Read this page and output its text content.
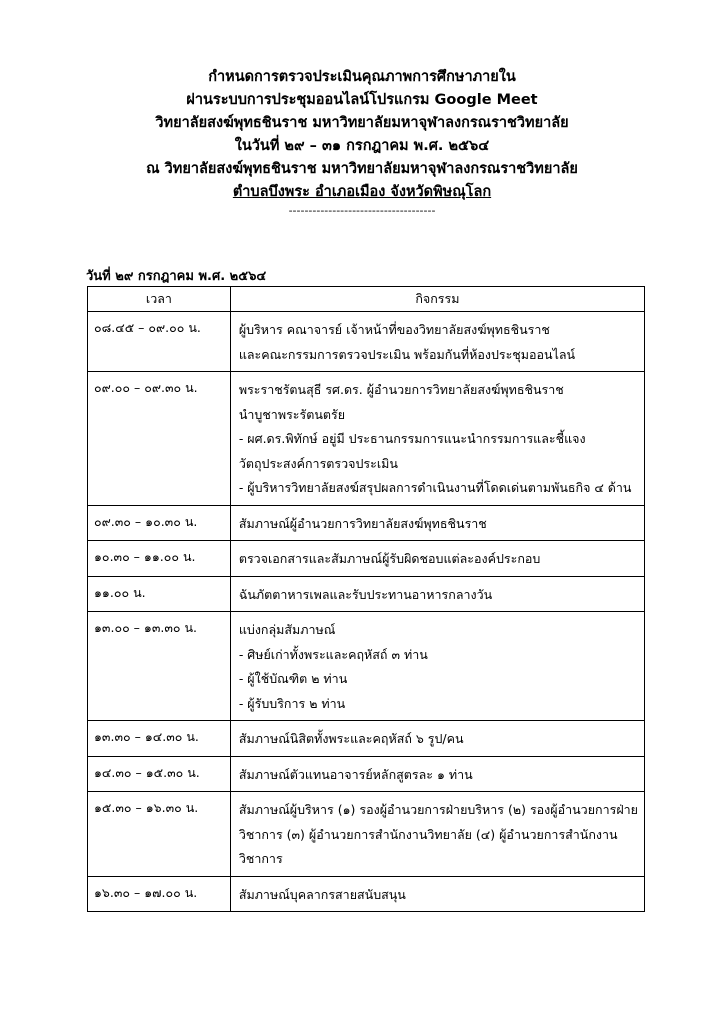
กำหนดการตรวจประเมินคุณภาพการศึกษาภายใน
ผ่านระบบการประชุมออนไลน์โปรแกรม Google Meet
วิทยาลัยสงฆ์พุทธชินราช มหาวิทยาลัยมหาจุฬาลงกรณราชวิทยาลัย
ในวันที่ ๒๙ – ๓๑ กรกฎาคม พ.ศ. ๒๕๖๔
ณ วิทยาลัยสงฆ์พุทธชินราช มหาวิทยาลัยมหาจุฬาลงกรณราชวิทยาลัย
ตำบลบึงพระ อำเภอเมือง จังหวัดพิษณุโลก
-------------------------------------
วันที่ ๒๙ กรกฎาคม พ.ศ. ๒๕๖๔
เวลา	กิจกรรม
๐๘.๔๕ – ๐๙.๐๐ น.	ผู้บริหาร คณาจารย์ เจ้าหน้าที่ของวิทยาลัยสงฆ์พุทธชินราช
และคณะกรรมการตรวจประเมิน พร้อมกันที่ห้องประชุมออนไลน์

๐๙.๐๐ – ๐๙.๓๐ น.	พระราชรัตนสุธี รศ.ดร. ผู้อำนวยการวิทยาลัยสงฆ์พุทธชินราช
นำบูชาพระรัตนตรัย
- ผศ.ดร.พิทักษ์ อยู่มี ประธานกรรมการแนะนำกรรมการและชี้แจง
วัตถุประสงค์การตรวจประเมิน
- ผู้บริหารวิทยาลัยสงฆ์สรุปผลการดำเนินงานที่โดดเด่นตามพันธกิจ ๔ ด้าน

๐๙.๓๐ – ๑๐.๓๐ น.	สัมภาษณ์ผู้อำนวยการวิทยาลัยสงฆ์พุทธชินราช

๑๐.๓๐ – ๑๑.๐๐ น.	ตรวจเอกสารและสัมภาษณ์ผู้รับผิดชอบแต่ละองค์ประกอบ

๑๑.๐๐ น.	ฉันภัตตาหารเพลและรับประทานอาหารกลางวัน

๑๓.๐๐ – ๑๓.๓๐ น.	แบ่งกลุ่มสัมภาษณ์
- ศิษย์เก่าทั้งพระและคฤหัสถ์ ๓ ท่าน
- ผู้ใช้บัณฑิต ๒ ท่าน
- ผู้รับบริการ ๒ ท่าน

๑๓.๓๐ – ๑๔.๓๐ น.	สัมภาษณ์นิสิตทั้งพระและคฤหัสถ์ ๖ รูป/คน

๑๔.๓๐ – ๑๕.๓๐ น.	สัมภาษณ์ตัวแทนอาจารย์หลักสูตรละ ๑ ท่าน

๑๕.๓๐ – ๑๖.๓๐ น.	สัมภาษณ์ผู้บริหาร (๑) รองผู้อำนวยการฝ่ายบริหาร (๒) รองผู้อำนวยการฝ่าย
วิชาการ (๓) ผู้อำนวยการสำนักงานวิทยาลัย (๔) ผู้อำนวยการสำนักงาน
วิชาการ

๑๖.๓๐ – ๑๗.๐๐ น.	สัมภาษณ์บุคลากรสายสนับสนุน
